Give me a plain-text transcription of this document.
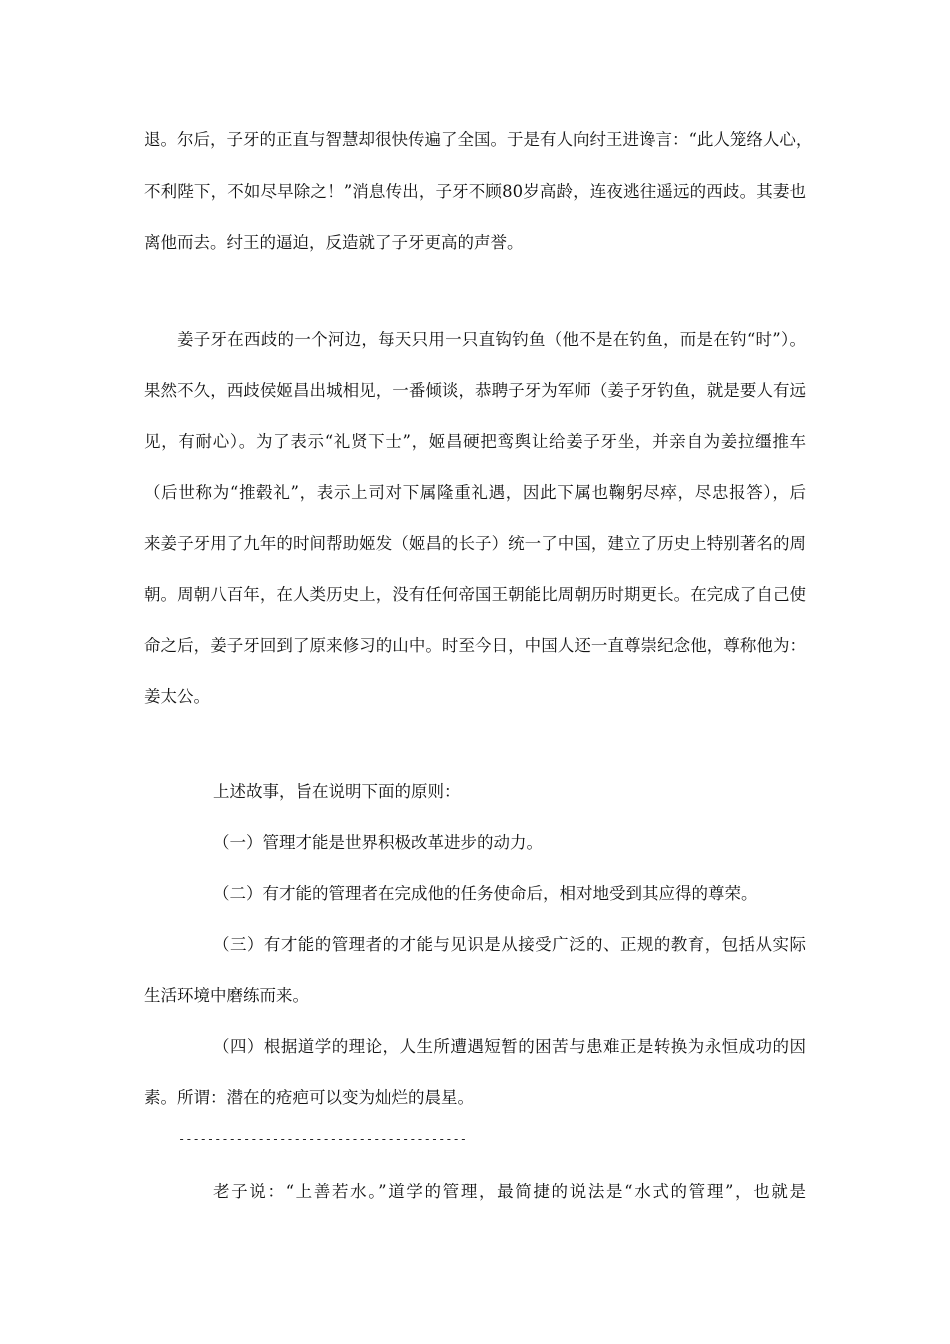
退。尔后，子牙的正直与智慧却很快传遍了全国。于是有人向纣王进谗言：“此人笼络人心，
不利陛下，不如尽早除之！”消息传出，子牙不顾80岁高龄，连夜逃往遥远的西歧。其妻也
离他而去。纣王的逼迫，反造就了子牙更高的声誉。
姜子牙在西歧的一个河边，每天只用一只直钩钓鱼（他不是在钓鱼，而是在钓“时”）。
果然不久，西歧侯姬昌出城相见，一番倾谈，恭聘子牙为军师（姜子牙钓鱼，就是要人有远
见，有耐心）。为了表示“礼贤下士”，姬昌硬把鸾舆让给姜子牙坐，并亲自为姜拉缰推车
（后世称为“推毂礼”，表示上司对下属隆重礼遇，因此下属也鞠躬尽瘁，尽忠报答），后
来姜子牙用了九年的时间帮助姬发（姬昌的长子）统一了中国，建立了历史上特别著名的周
朝。周朝八百年，在人类历史上，没有任何帝国王朝能比周朝历时期更长。在完成了自己使
命之后，姜子牙回到了原来修习的山中。时至今日，中国人还一直尊崇纪念他，尊称他为：
姜太公。
上述故事，旨在说明下面的原则：
（一）管理才能是世界积极改革进步的动力。
（二）有才能的管理者在完成他的任务使命后，相对地受到其应得的尊荣。
（三）有才能的管理者的才能与见识是从接受广泛的、正规的教育，包括从实际
生活环境中磨练而来。
（四）根据道学的理论，人生所遭遇短暂的困苦与患难正是转换为永恒成功的因
素。所谓：潜在的疮疤可以变为灿烂的晨星。
----------------------------------------
老子说：“上善若水。”道学的管理，最简捷的说法是“水式的管理”，也就是
